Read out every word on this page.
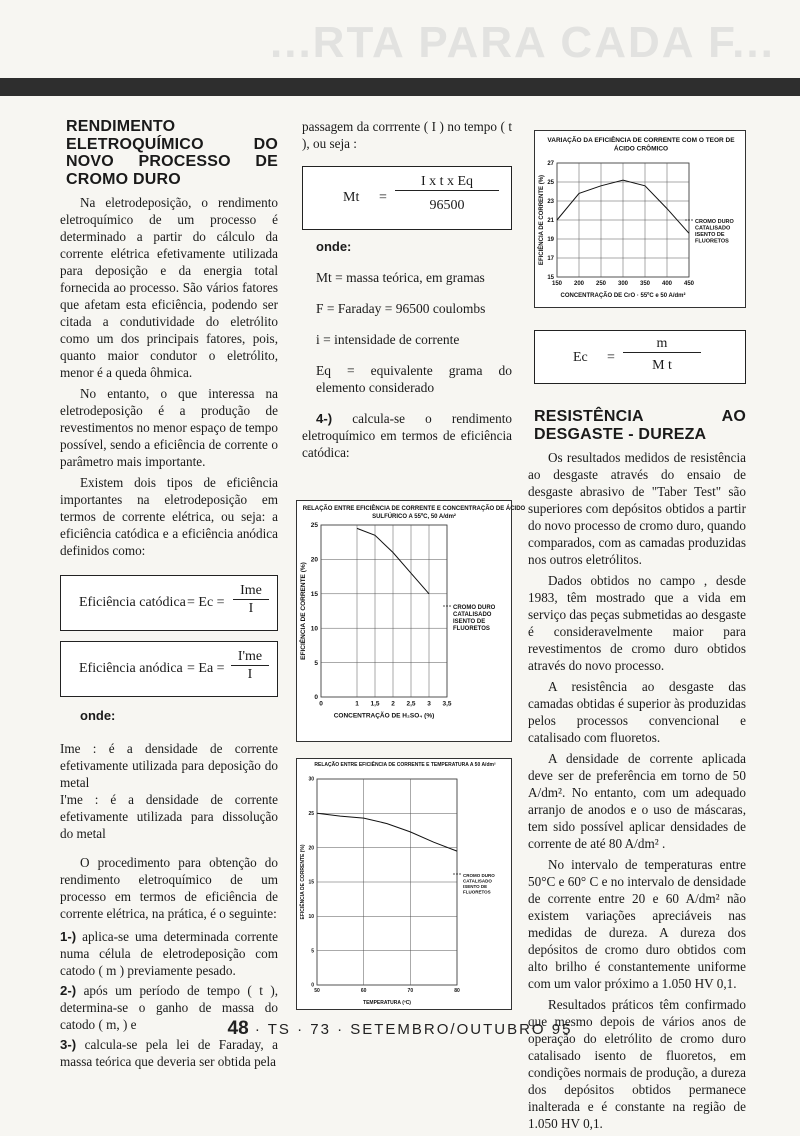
...RTA PARA CADA F...
RENDIMENTO ELETROQUÍMICO DO NOVO PROCESSO DE CROMO DURO

Na eletrodeposição, o rendimento eletroquímico de um processo é determinado a partir do cálculo da corrente elétrica efetivamente utilizada para deposição e da energia total fornecida ao processo. São vários fatores que afetam esta eficiência, podendo ser citada a condutividade do eletrólito como um dos principais fatores, pois, quanto maior condutor o eletrólito, menor é a queda ôhmica.

No entanto, o que interessa na eletrodeposição é a produção de revestimentos no menor espaço de tempo possível, sendo a eficiência de corrente o parâmetro mais importante.

Existem dois tipos de eficiência importantes na eletrodeposição em termos de corrente elétrica, ou seja: a eficiência catódica e a eficiência anódica definidos como:

Eficiência catódica = Ec =
Ime
I
Eficiência anódica = $Ea = \frac{I'me}{I}$
onde:
Ime : é a densidade de corrente efetivamente utilizada para deposição do metal
I'me : é a densidade de corrente efetivamente utilizada para dissolução do metal

O procedimento para obtenção do rendimento eletroquímico de um processo em termos de eficiência de corrente elétrica, na prática, é o seguinte:

1-) aplica-se uma determinada corrente numa célula de eletrodeposição com catodo ( m ) previamente pesado.

2-) após um período de tempo ( t ), determina-se o ganho de massa do catodo ( m, ) e

3-) calcula-se pela lei de Faraday, a massa teórica que deveria ser obtida pela

passagem da corrrente ( I ) no tempo ( t ), ou seja :

$Mt = \frac{\text{I x t x Eq}}{96500}$
onde:
Mt = massa teórica, em gramas
F = Faraday = 96500 coulombs
i = intensidade de corrente
Eq = equivalente grama do elemento considerado

4-) calcula-se o rendimento eletroquímico em termos de eficiência catódica:

RELAÇÃO ENTRE EFICIÊNCIA DE CORRENTE E CONCENTRAÇÃO DE ÁCIDO
SULFÚRICO A 55ºC, 50 A/dm²
0	1 1,5 2 2,5 3 3,5
0
5
10
15
20
25
CONCENTRAÇÃO DE H₂SO₄ (%)
EFICIÊNCIA DE CORRENTE (%)	CROMO DURO
CATALISADO
ISENTO DE
FLUORETOS
RELAÇÃO ENTRE EFICIÊNCIA DE CORRENTE E TEMPERATURA A 50 A/dm²
50	60	70	80
0
5
10
15
20
25
30
TEMPERATURA (ºC)
EFICIÊNCIA DE CORRENTE (%)	CROMO DURO
CATALISADO
ISENTO DE
FLUORETOS
VARIAÇÃO DA EFICIÊNCIA DE CORRENTE COM O TEOR DE
ÁCIDO CRÔMICO
150 200 250 300 350 400 450
15
17
19
21
23
25
27
CONCENTRAÇÃO DE CrO · 55ºC e 50 A/dm²
EFICIÊNCIA DE CORRENTE (%)	CROMO DURO
CATALISADO
ISENTO DE
FLUORETOS
$Ec = \frac{m}{\text{M t}}$
RESISTÊNCIA AO DESGASTE - DUREZA

Os resultados medidos de resistência ao desgaste através do ensaio de desgaste abrasivo de "Taber Test" são superiores com depósitos obtidos a partir do novo processo de cromo duro, quando comparados, com as camadas produzidas nos outros eletrólitos.

Dados obtidos no campo , desde 1983, têm mostrado que a vida em serviço das peças submetidas ao desgaste é consideravelmente maior para revestimentos de cromo duro obtidos através do novo processo.

A resistência ao desgaste das camadas obtidas é superior às produzidas pelos processos convencional e catalisado com fluoretos.

A densidade de corrente aplicada deve ser de preferência em torno de 50 A/dm². No entanto, com um adequado arranjo de anodos e o uso de máscaras, tem sido possível aplicar densidades de corrente de até 80 A/dm² .

No intervalo de temperaturas entre 50°C e 60° C e no intervalo de densidade de corrente entre 20 e 60 A/dm² não existem variações apreciáveis nas medidas de dureza. A dureza dos depósitos de cromo duro obtidos com alto brilho é constantemente uniforme com um valor próximo a 1.050 HV 0,1.

Resultados práticos têm confirmado que mesmo depois de vários anos de operação do eletrólito de cromo duro catalisado isento de fluoretos, em condições normais de produção, a dureza dos depósitos obtidos permanece inalterada e é constante na região de 1.050 HV 0,1.

48 · TS · 73 · SETEMBRO/OUTUBRO 95
